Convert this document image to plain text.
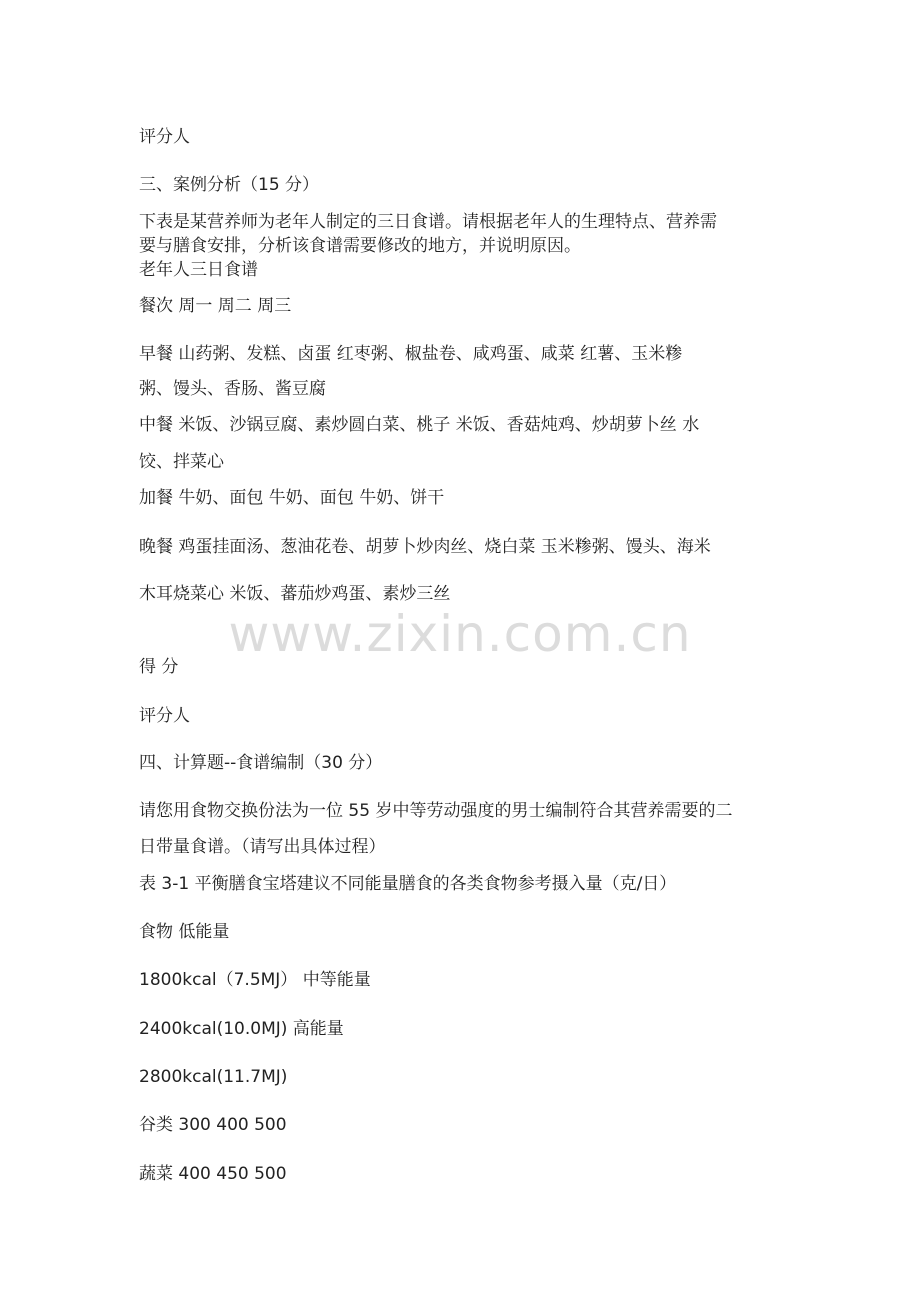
评分人
三、案例分析（15 分）
下表是某营养师为老年人制定的三日食谱。请根据老年人的生理特点、营养需
要与膳食安排，分析该食谱需要修改的地方，并说明原因。
老年人三日食谱
餐次 周一 周二 周三
早餐 山药粥、发糕、卤蛋 红枣粥、椒盐卷、咸鸡蛋、咸菜 红薯、玉米糁
粥、馒头、香肠、酱豆腐
中餐 米饭、沙锅豆腐、素炒圆白菜、桃子 米饭、香菇炖鸡、炒胡萝卜丝 水
饺、拌菜心
加餐 牛奶、面包 牛奶、面包 牛奶、饼干
晚餐 鸡蛋挂面汤、葱油花卷、胡萝卜炒肉丝、烧白菜 玉米糁粥、馒头、海米
木耳烧菜心 米饭、蕃茄炒鸡蛋、素炒三丝
www.zixin.com.cn
得 分
评分人
四、计算题--食谱编制（30 分）
请您用食物交换份法为一位 55 岁中等劳动强度的男士编制符合其营养需要的二
日带量食谱。（请写出具体过程）
表 3-1 平衡膳食宝塔建议不同能量膳食的各类食物参考摄入量（克/日）
食物 低能量
1800kcal（7.5MJ） 中等能量
2400kcal(10.0MJ) 高能量
2800kcal(11.7MJ)
谷类 300 400 500
蔬菜 400 450 500
